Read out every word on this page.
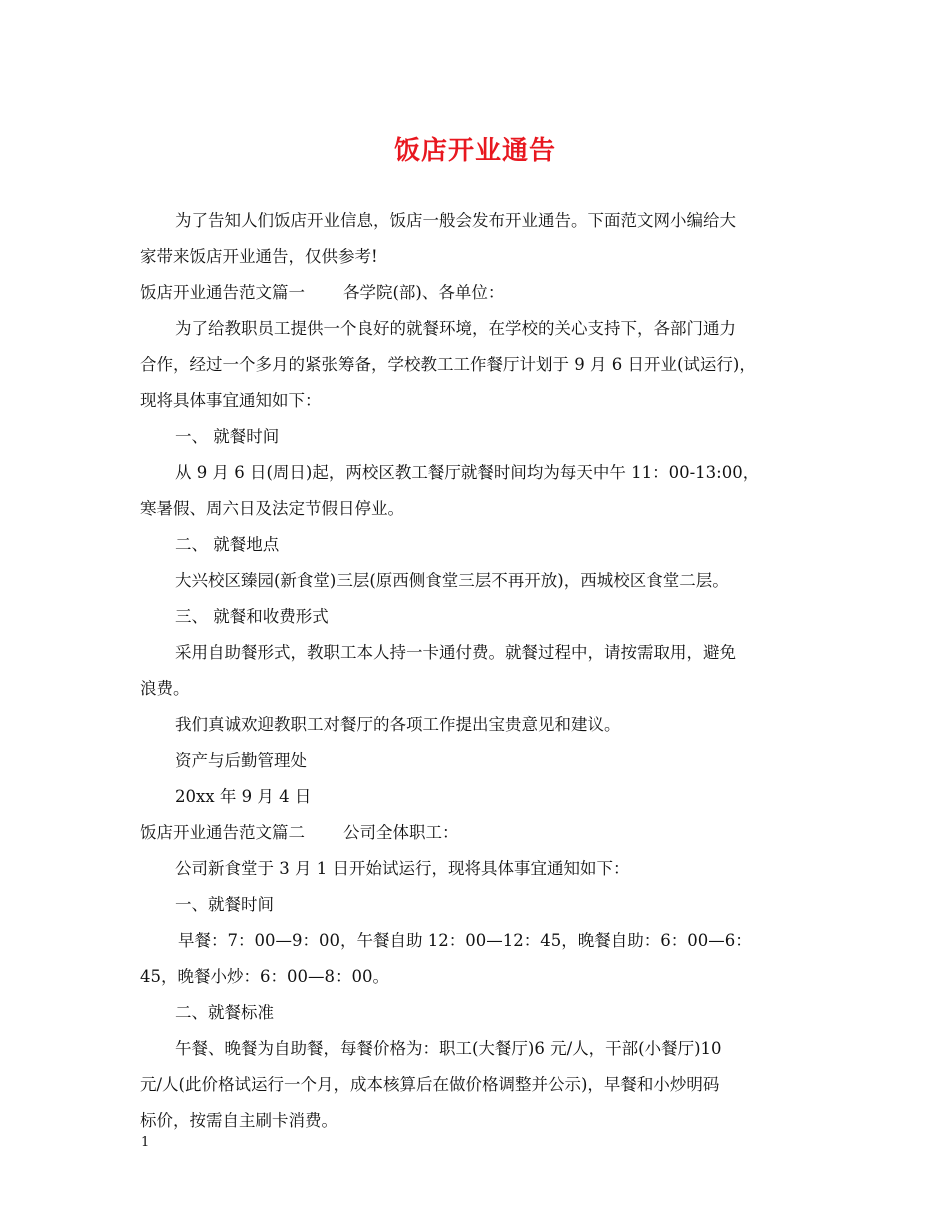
饭店开业通告

为了告知人们饭店开业信息，饭店一般会发布开业通告。下面范文网小编给大

家带来饭店开业通告，仅供参考!

饭店开业通告范文篇一 各学院(部)、各单位：

为了给教职员工提供一个良好的就餐环境，在学校的关心支持下，各部门通力

合作，经过一个多月的紧张筹备，学校教工工作餐厅计划于 9 月 6 日开业(试运行)，

现将具体事宜通知如下：

一、 就餐时间

从 9 月 6 日(周日)起，两校区教工餐厅就餐时间均为每天中午 11：00-13:00，

寒暑假、周六日及法定节假日停业。

二、 就餐地点

大兴校区臻园(新食堂)三层(原西侧食堂三层不再开放)，西城校区食堂二层。

三、 就餐和收费形式

采用自助餐形式，教职工本人持一卡通付费。就餐过程中，请按需取用，避免

浪费。

我们真诚欢迎教职工对餐厅的各项工作提出宝贵意见和建议。

资产与后勤管理处

20xx 年 9 月 4 日

饭店开业通告范文篇二 公司全体职工：

公司新食堂于 3 月 1 日开始试运行，现将具体事宜通知如下：

一、就餐时间

早餐：7：00—9：00，午餐自助 12：00—12：45，晚餐自助：6：00—6：

45，晚餐小炒：6：00—8：00。

二、就餐标准

午餐、晚餐为自助餐，每餐价格为：职工(大餐厅)6 元/人，干部(小餐厅)10

元/人(此价格试运行一个月，成本核算后在做价格调整并公示)，早餐和小炒明码

标价，按需自主刷卡消费。

1
